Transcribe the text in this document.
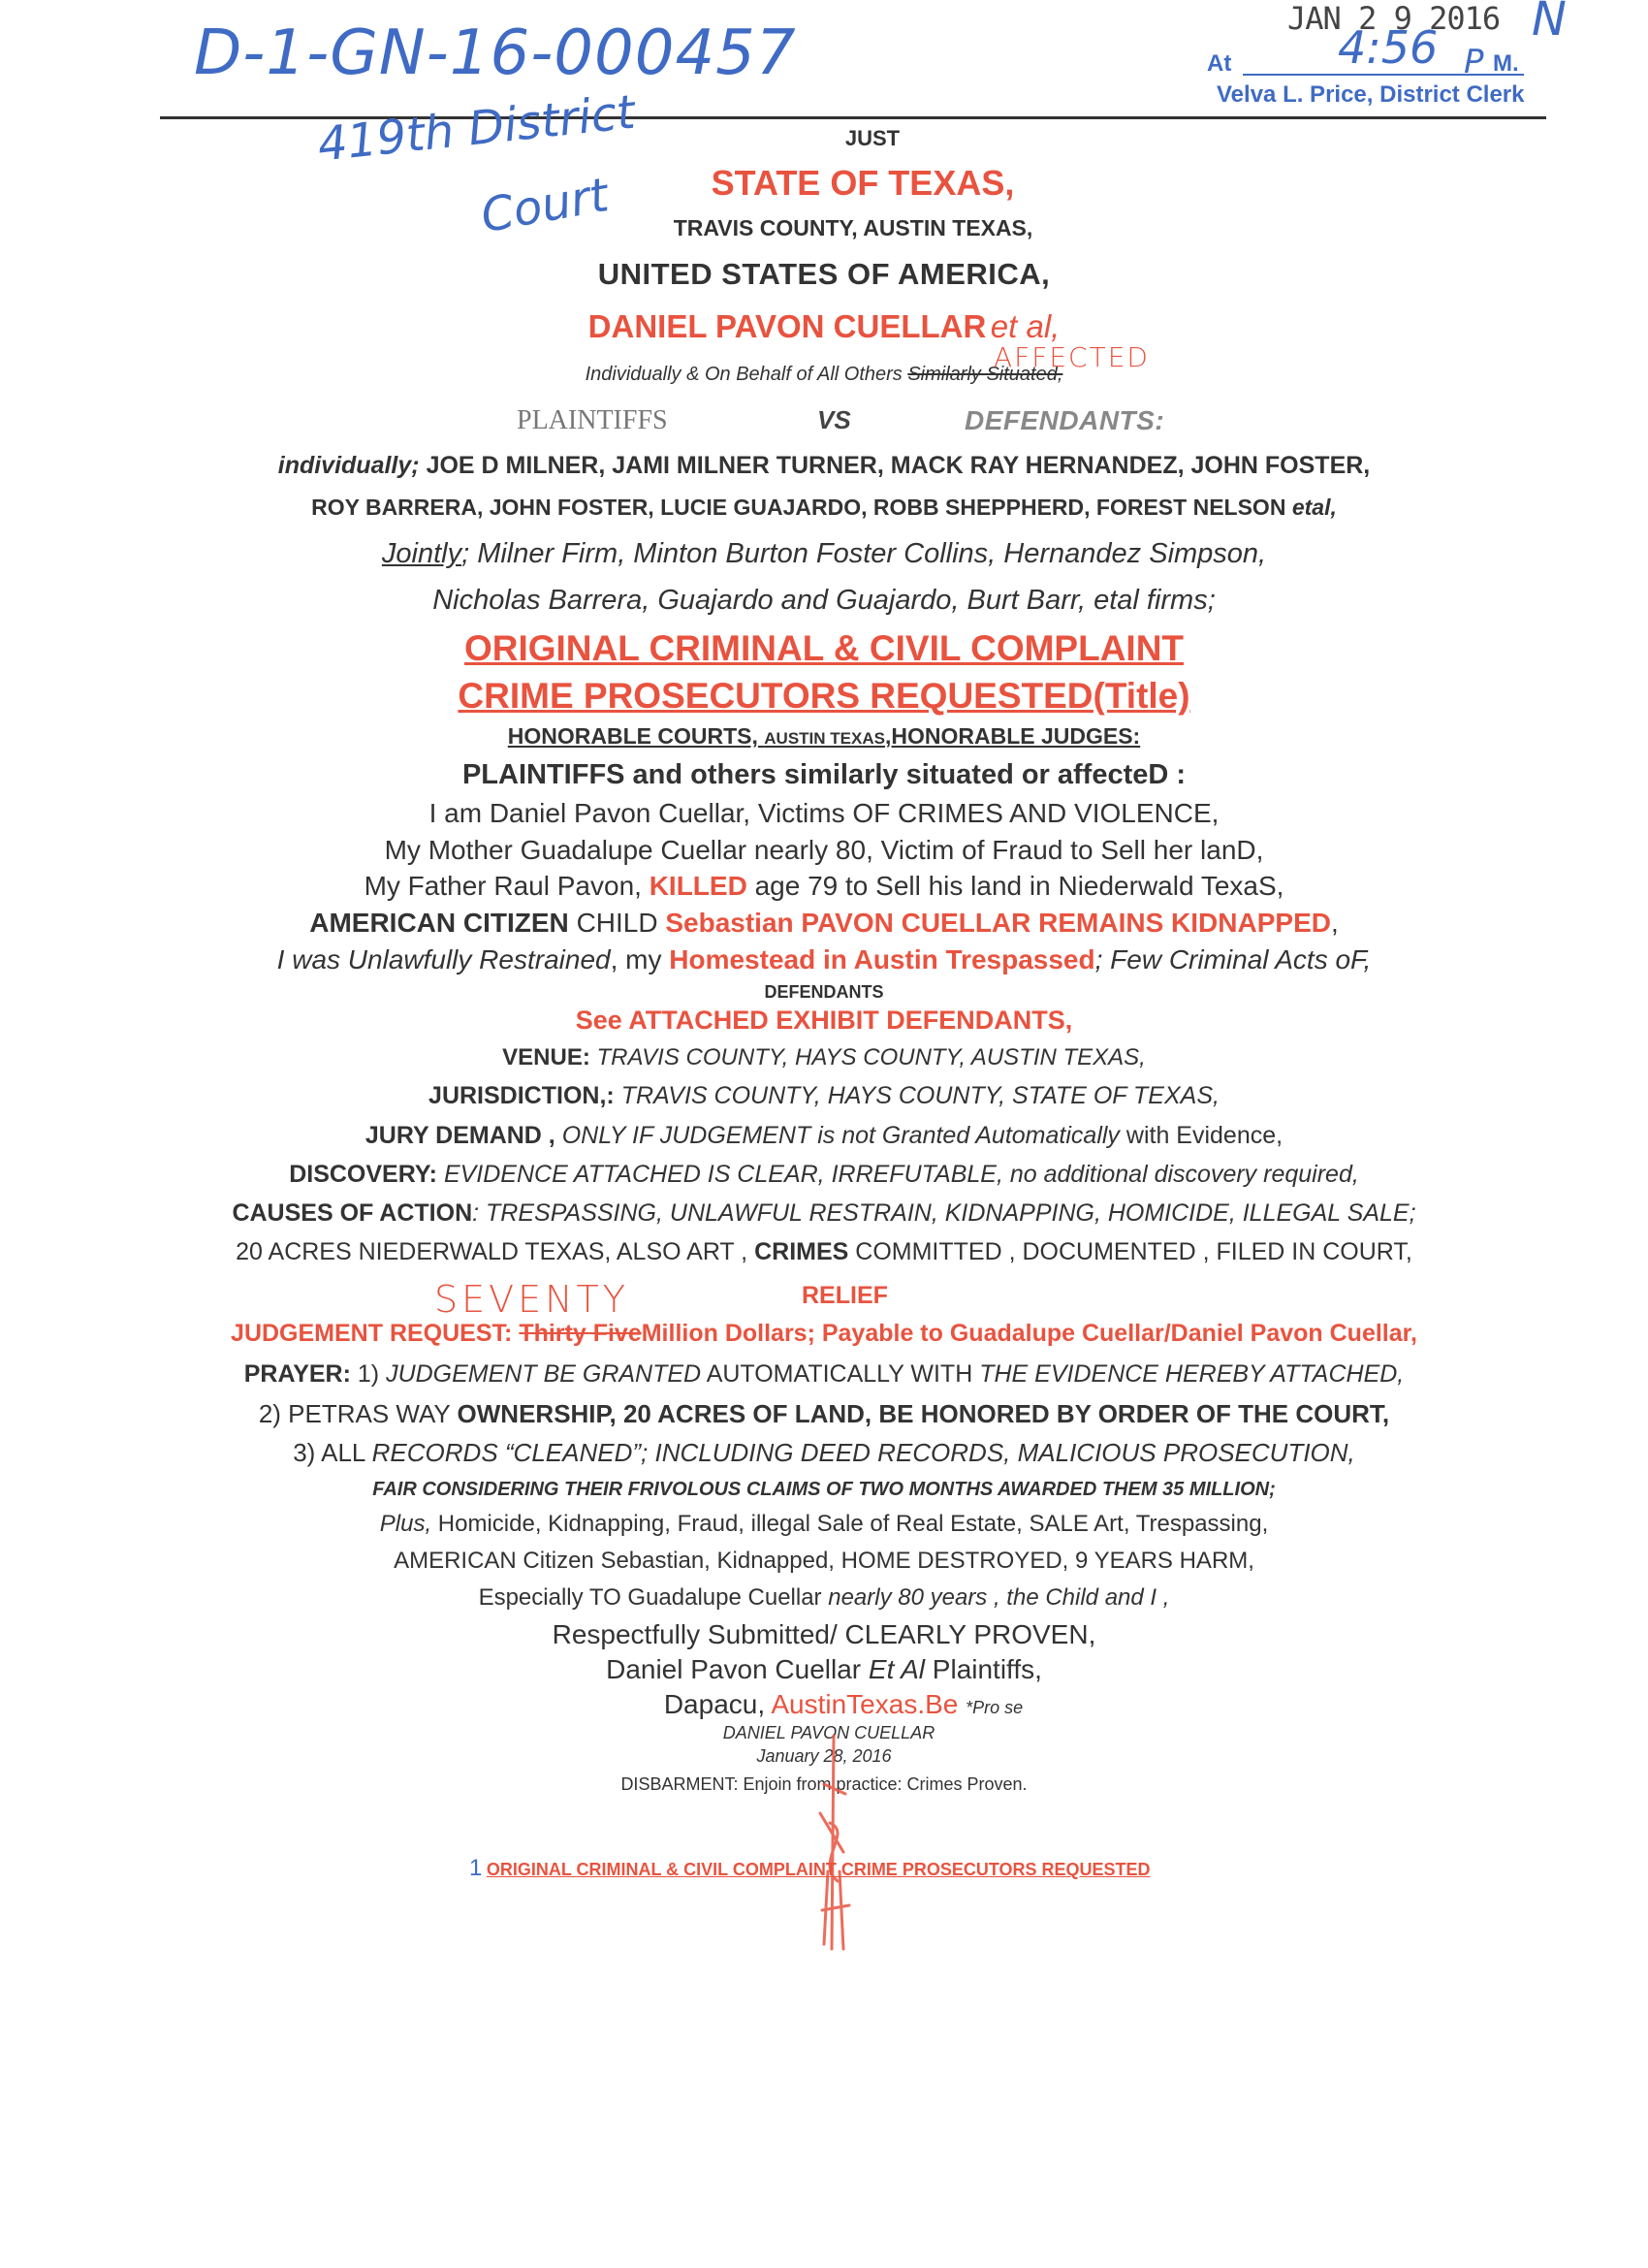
D-1-GN-16-000457	JAN 2 9 2016 N
At 4:56 P M.
Velva L. Price, District Clerk
419th District
Court
JUST
STATE OF TEXAS,
TRAVIS COUNTY, AUSTIN TEXAS,
UNITED STATES OF AMERICA,
DANIEL PAVON CUELLAR et al,
Individually & On Behalf of All Others Similarly Situated,
AFFECTED
PLAINTIFFS	VS	DEFENDANTS:
individually; JOE D MILNER, JAMI MILNER TURNER, MACK RAY HERNANDEZ, JOHN FOSTER,
ROY BARRERA, JOHN FOSTER, LUCIE GUAJARDO, ROBB SHEPPHERD, FOREST NELSON etal,
Jointly; Milner Firm, Minton Burton Foster Collins, Hernandez Simpson,
Nicholas Barrera, Guajardo and Guajardo, Burt Barr, etal firms;
ORIGINAL CRIMINAL & CIVIL COMPLAINT
CRIME PROSECUTORS REQUESTED(Title)
HONORABLE COURTS, AUSTIN TEXAS,HONORABLE JUDGES:
PLAINTIFFS and others similarly situated or affecteD :
I am Daniel Pavon Cuellar, Victims OF CRIMES AND VIOLENCE,
My Mother Guadalupe Cuellar nearly 80, Victim of Fraud to Sell her lanD,
My Father Raul Pavon, KILLED age 79 to Sell his land in Niederwald TexaS,
AMERICAN CITIZEN CHILD Sebastian PAVON CUELLAR REMAINS KIDNAPPED,
I was Unlawfully Restrained, my Homestead in Austin Trespassed; Few Criminal Acts oF,
DEFENDANTS
See ATTACHED EXHIBIT DEFENDANTS,
VENUE: TRAVIS COUNTY, HAYS COUNTY, AUSTIN TEXAS,
JURISDICTION,: TRAVIS COUNTY, HAYS COUNTY, STATE OF TEXAS,
JURY DEMAND , ONLY IF JUDGEMENT is not Granted Automatically with Evidence,
DISCOVERY: EVIDENCE ATTACHED IS CLEAR, IRREFUTABLE, no additional discovery required,
CAUSES OF ACTION: TRESPASSING, UNLAWFUL RESTRAIN, KIDNAPPING, HOMICIDE, ILLEGAL SALE;
20 ACRES NIEDERWALD TEXAS, ALSO ART , CRIMES COMMITTED , DOCUMENTED , FILED IN COURT,
SEVENTY	RELIEF
JUDGEMENT REQUEST: Thirty FiveMillion Dollars; Payable to Guadalupe Cuellar/Daniel Pavon Cuellar,
PRAYER: 1) JUDGEMENT BE GRANTED AUTOMATICALLY WITH THE EVIDENCE HEREBY ATTACHED,
2) PETRAS WAY OWNERSHIP, 20 ACRES OF LAND, BE HONORED BY ORDER OF THE COURT,
3) ALL RECORDS “CLEANED”; INCLUDING DEED RECORDS, MALICIOUS PROSECUTION,
FAIR CONSIDERING THEIR FRIVOLOUS CLAIMS OF TWO MONTHS AWARDED THEM 35 MILLION;
Plus, Homicide, Kidnapping, Fraud, illegal Sale of Real Estate, SALE Art, Trespassing,
AMERICAN Citizen Sebastian, Kidnapped, HOME DESTROYED, 9 YEARS HARM,
Especially TO Guadalupe Cuellar nearly 80 years , the Child and I ,
Respectfully Submitted/ CLEARLY PROVEN,
Daniel Pavon Cuellar Et Al Plaintiffs,
Dapacu, AustinTexas.Be *Pro se
DANIEL PAVON CUELLAR
January 28, 2016
DISBARMENT: Enjoin from practice: Crimes Proven.
1 ORIGINAL CRIMINAL & CIVIL COMPLAINT CRIME PROSECUTORS REQUESTED
